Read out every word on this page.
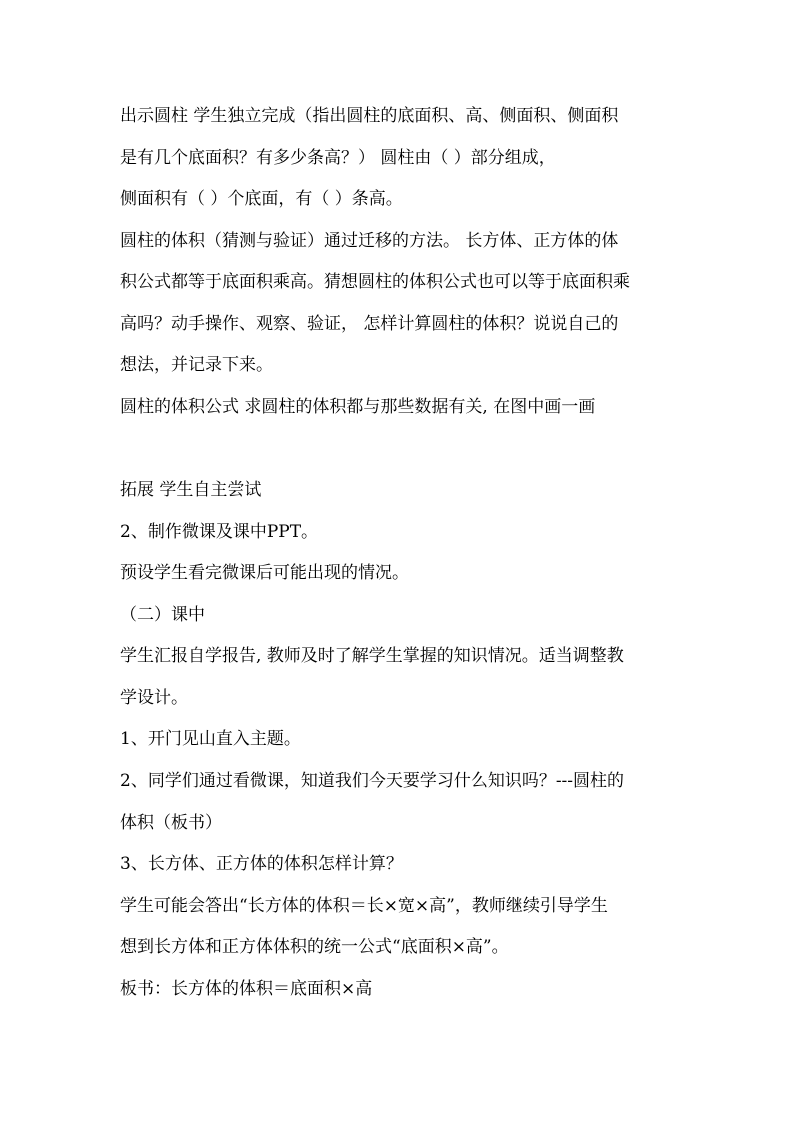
出示圆柱 学生独立完成（指出圆柱的底面积、高、侧面积、侧面积
是有几个底面积？有多少条高？） 圆柱由（ ）部分组成，
侧面积有（ ）个底面，有（ ）条高。
圆柱的体积（猜测与验证）通过迁移的方法。 长方体、正方体的体
积公式都等于底面积乘高。猜想圆柱的体积公式也可以等于底面积乘
高吗？动手操作、观察、验证， 怎样计算圆柱的体积？说说自己的
想法，并记录下来。
圆柱的体积公式 求圆柱的体积都与那些数据有关, 在图中画一画
拓展 学生自主尝试
2、制作微课及课中PPT。
预设学生看完微课后可能出现的情况。
（二）课中
学生汇报自学报告, 教师及时了解学生掌握的知识情况。适当调整教
学设计。
1、开门见山直入主题。
2、同学们通过看微课，知道我们今天要学习什么知识吗？---圆柱的
体积（板书）
3、长方体、正方体的体积怎样计算？
学生可能会答出“长方体的体积＝长×宽×高”，教师继续引导学生
想到长方体和正方体体积的统一公式“底面积×高”。
板书：长方体的体积＝底面积×高
